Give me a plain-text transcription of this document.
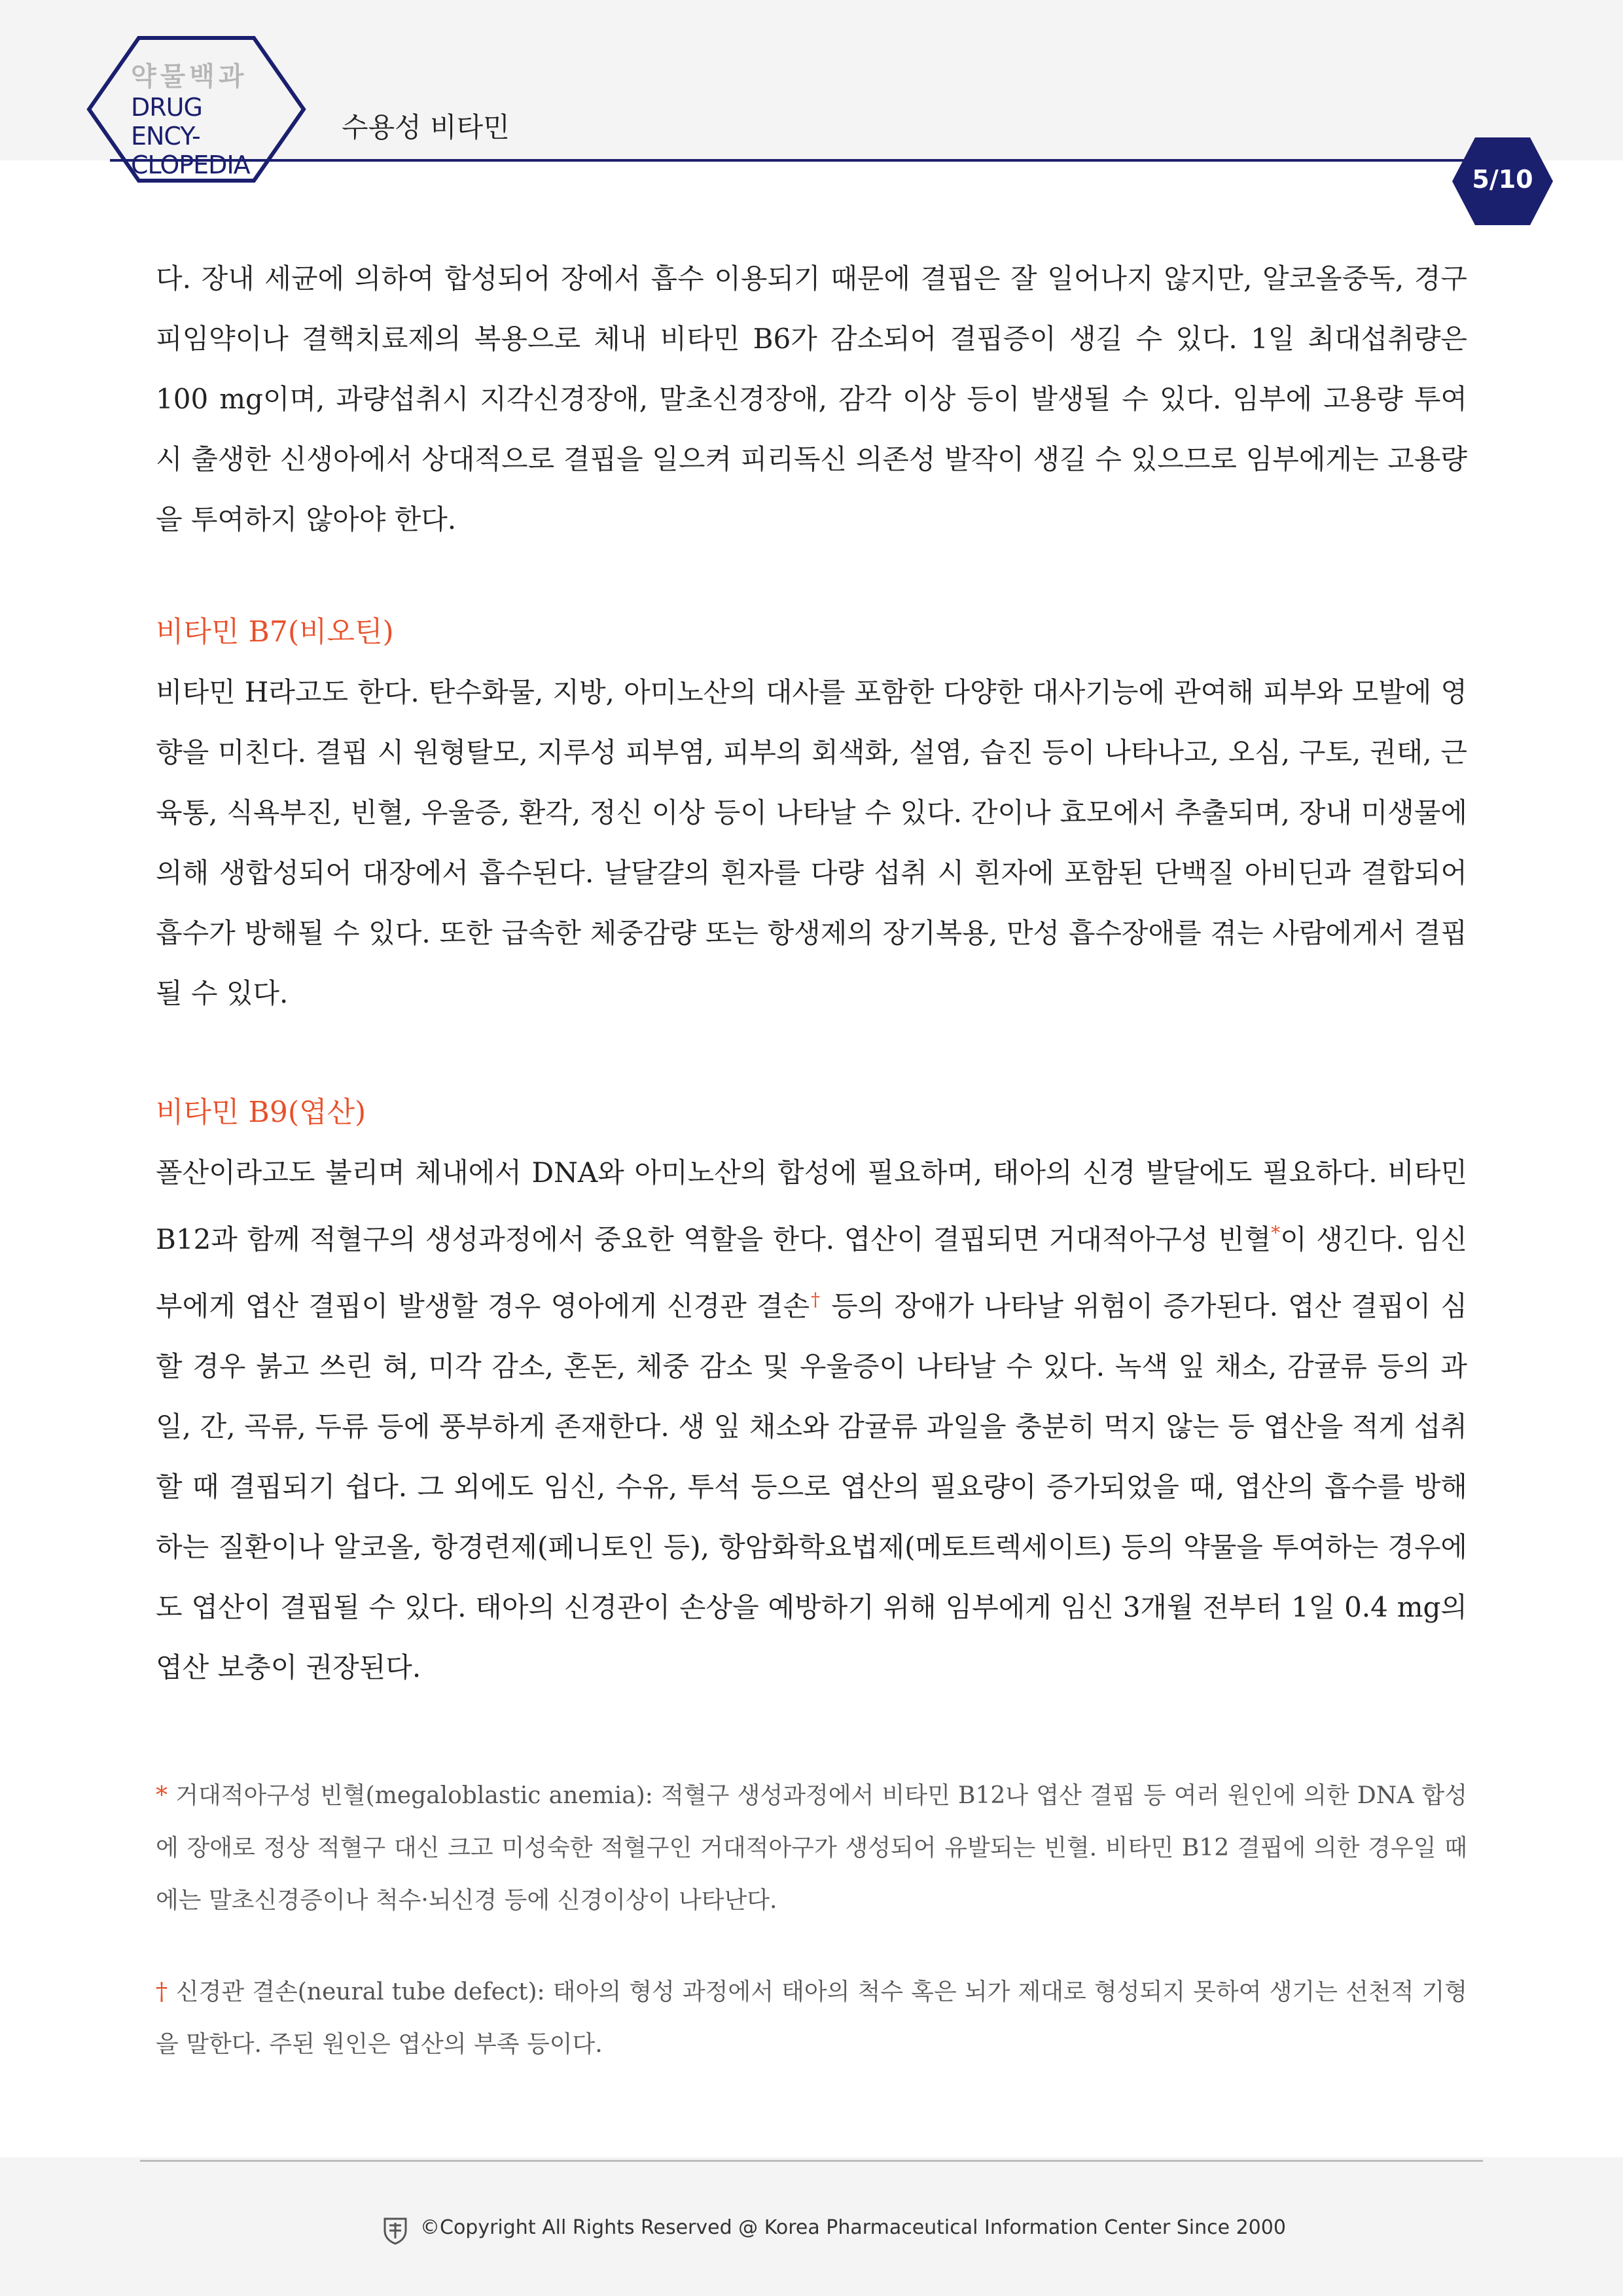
약물백과
DRUG ENCY-
CLOPEDIA
수용성 비타민
5/10

다. 장내 세균에 의하여 합성되어 장에서 흡수 이용되기 때문에 결핍은 잘 일어나지 않지만, 알코올중독, 경구피임약이나 결핵치료제의 복용으로 체내 비타민 B6가 감소되어 결핍증이 생길 수 있다. 1일 최대섭취량은 100 mg이며, 과량섭취시 지각신경장애, 말초신경장애, 감각 이상 등이 발생될 수 있다. 임부에 고용량 투여 시 출생한 신생아에서 상대적으로 결핍을 일으켜 피리독신 의존성 발작이 생길 수 있으므로 임부에게는 고용량을 투여하지 않아야 한다.

비타민 B7(비오틴)

비타민 H라고도 한다. 탄수화물, 지방, 아미노산의 대사를 포함한 다양한 대사기능에 관여해 피부와 모발에 영향을 미친다. 결핍 시 원형탈모, 지루성 피부염, 피부의 회색화, 설염, 습진 등이 나타나고, 오심, 구토, 권태, 근육통, 식욕부진, 빈혈, 우울증, 환각, 정신 이상 등이 나타날 수 있다. 간이나 효모에서 추출되며, 장내 미생물에 의해 생합성되어 대장에서 흡수된다. 날달걀의 흰자를 다량 섭취 시 흰자에 포함된 단백질 아비딘과 결합되어 흡수가 방해될 수 있다. 또한 급속한 체중감량 또는 항생제의 장기복용, 만성 흡수장애를 겪는 사람에게서 결핍될 수 있다.

비타민 B9(엽산)

폴산이라고도 불리며 체내에서 DNA와 아미노산의 합성에 필요하며, 태아의 신경 발달에도 필요하다. 비타민 B12과 함께 적혈구의 생성과정에서 중요한 역할을 한다. 엽산이 결핍되면 거대적아구성 빈혈*이 생긴다. 임신부에게 엽산 결핍이 발생할 경우 영아에게 신경관 결손† 등의 장애가 나타날 위험이 증가된다. 엽산 결핍이 심할 경우 붉고 쓰린 혀, 미각 감소, 혼돈, 체중 감소 및 우울증이 나타날 수 있다. 녹색 잎 채소, 감귤류 등의 과일, 간, 곡류, 두류 등에 풍부하게 존재한다. 생 잎 채소와 감귤류 과일을 충분히 먹지 않는 등 엽산을 적게 섭취할 때 결핍되기 쉽다. 그 외에도 임신, 수유, 투석 등으로 엽산의 필요량이 증가되었을 때, 엽산의 흡수를 방해하는 질환이나 알코올, 항경련제(페니토인 등), 항암화학요법제(메토트렉세이트) 등의 약물을 투여하는 경우에도 엽산이 결핍될 수 있다. 태아의 신경관이 손상을 예방하기 위해 임부에게 임신 3개월 전부터 1일 0.4 mg의 엽산 보충이 권장된다.

* 거대적아구성 빈혈(megaloblastic anemia): 적혈구 생성과정에서 비타민 B12나 엽산 결핍 등 여러 원인에 의한 DNA 합성에 장애로 정상 적혈구 대신 크고 미성숙한 적혈구인 거대적아구가 생성되어 유발되는 빈혈. 비타민 B12 결핍에 의한 경우일 때에는 말초신경증이나 척수·뇌신경 등에 신경이상이 나타난다.

† 신경관 결손(neural tube defect): 태아의 형성 과정에서 태아의 척수 혹은 뇌가 제대로 형성되지 못하여 생기는 선천적 기형을 말한다. 주된 원인은 엽산의 부족 등이다.

©Copyright All Rights Reserved @ Korea Pharmaceutical Information Center Since 2000
